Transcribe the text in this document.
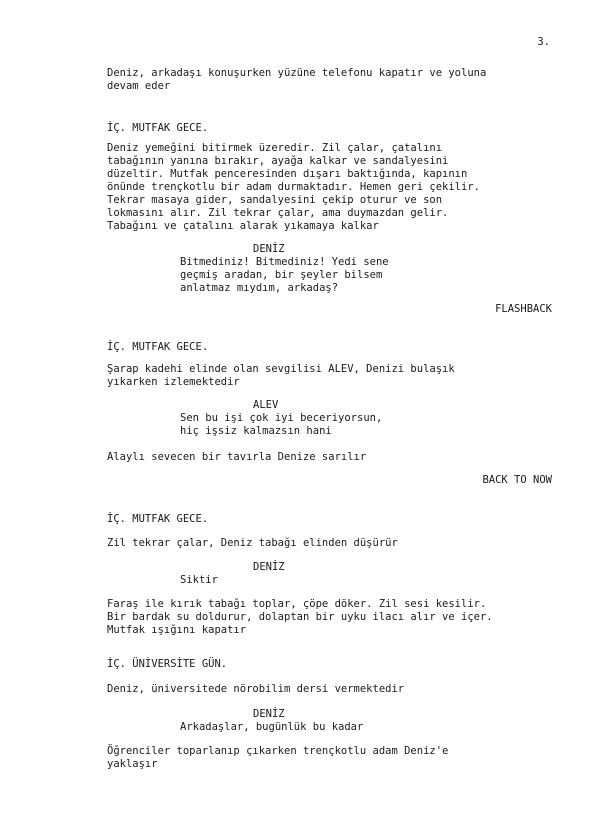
3.
Deniz, arkadaşı konuşurken yüzüne telefonu kapatır ve yoluna
devam eder
İÇ. MUTFAK GECE.
Deniz yemeğini bitirmek üzeredir. Zil çalar, çatalını
tabağının yanına bırakır, ayağa kalkar ve sandalyesini
düzeltir. Mutfak penceresinden dışarı baktığında, kapının
önünde trençkotlu bir adam durmaktadır. Hemen geri çekilir.
Tekrar masaya gider, sandalyesini çekip oturur ve son
lokmasını alır. Zil tekrar çalar, ama duymazdan gelir.
Tabağını ve çatalını alarak yıkamaya kalkar
DENİZ
Bitmediniz! Bitmediniz! Yedi sene
geçmiş aradan, bir şeyler bilsem
anlatmaz mıydım, arkadaş?
FLASHBACK
İÇ. MUTFAK GECE.
Şarap kadehi elinde olan sevgilisi ALEV, Denizi bulaşık
yıkarken izlemektedir
ALEV
Sen bu işi çok iyi beceriyorsun,
hiç işsiz kalmazsın hani
Alaylı sevecen bir tavırla Denize sarılır
BACK TO NOW
İÇ. MUTFAK GECE.
Zil tekrar çalar, Deniz tabağı elinden düşürür
DENİZ
Siktir
Faraş ile kırık tabağı toplar, çöpe döker. Zil sesi kesilir.
Bir bardak su doldurur, dolaptan bir uyku ilacı alır ve içer.
Mutfak ışığını kapatır
İÇ. ÜNİVERSİTE GÜN.
Deniz, üniversitede nörobilim dersi vermektedir
DENİZ
Arkadaşlar, bugünlük bu kadar
Öğrenciler toparlanıp çıkarken trençkotlu adam Deniz'e
yaklaşır
